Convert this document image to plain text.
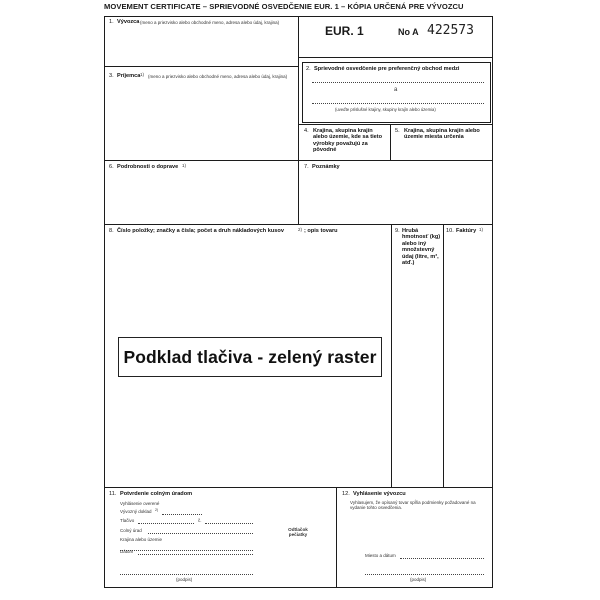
MOVEMENT CERTIFICATE – SPRIEVODNÉ OSVEDČENIE EUR. 1 – KÓPIA URČENÁ PRE VÝVOZCU
1. Vývozca (meno a priezvisko alebo obchodné meno, adresa alebo údaj, krajina)
EUR. 1	No A 422573
2. Sprievodné osvedčenie pre preferenčný obchod medzi
a
(uveďte príslušné krajiny, skupiny krajín alebo územia)
3. Príjemca 1) (meno a priezvisko alebo obchodné meno, adresa alebo údaj, krajina)
4. Krajina, skupina krajín alebo územie, kde sa tieto výrobky považujú za pôvodné
5. Krajina, skupina krajín alebo územie miesta určenia
6. Podrobnosti o doprave 1)	7. Poznámky
8. Číslo položky; značky a čísla; počet a druh nákladových kusov	2) ; opis tovaru	9. Hrubá hmotnosť (kg) alebo iný množstevný údaj (litre, m³, atď.)
10. Faktúry 1)
Podklad tlačiva - zelený raster
11. Potvrdenie colným úradom
Vyhlásenie overené
Vývozný doklad 2)
Tlačivo	č.
Colný úrad
Krajina alebo územie
Dátum
(podpis)
Odtlačok pečiatky
12. Vyhlásenie vývozcu
Vyhlasujem, že opísaný tovar spĺňa podmienky požadované na vydanie tohto osvedčenia.
Miesto a dátum
(podpis)
